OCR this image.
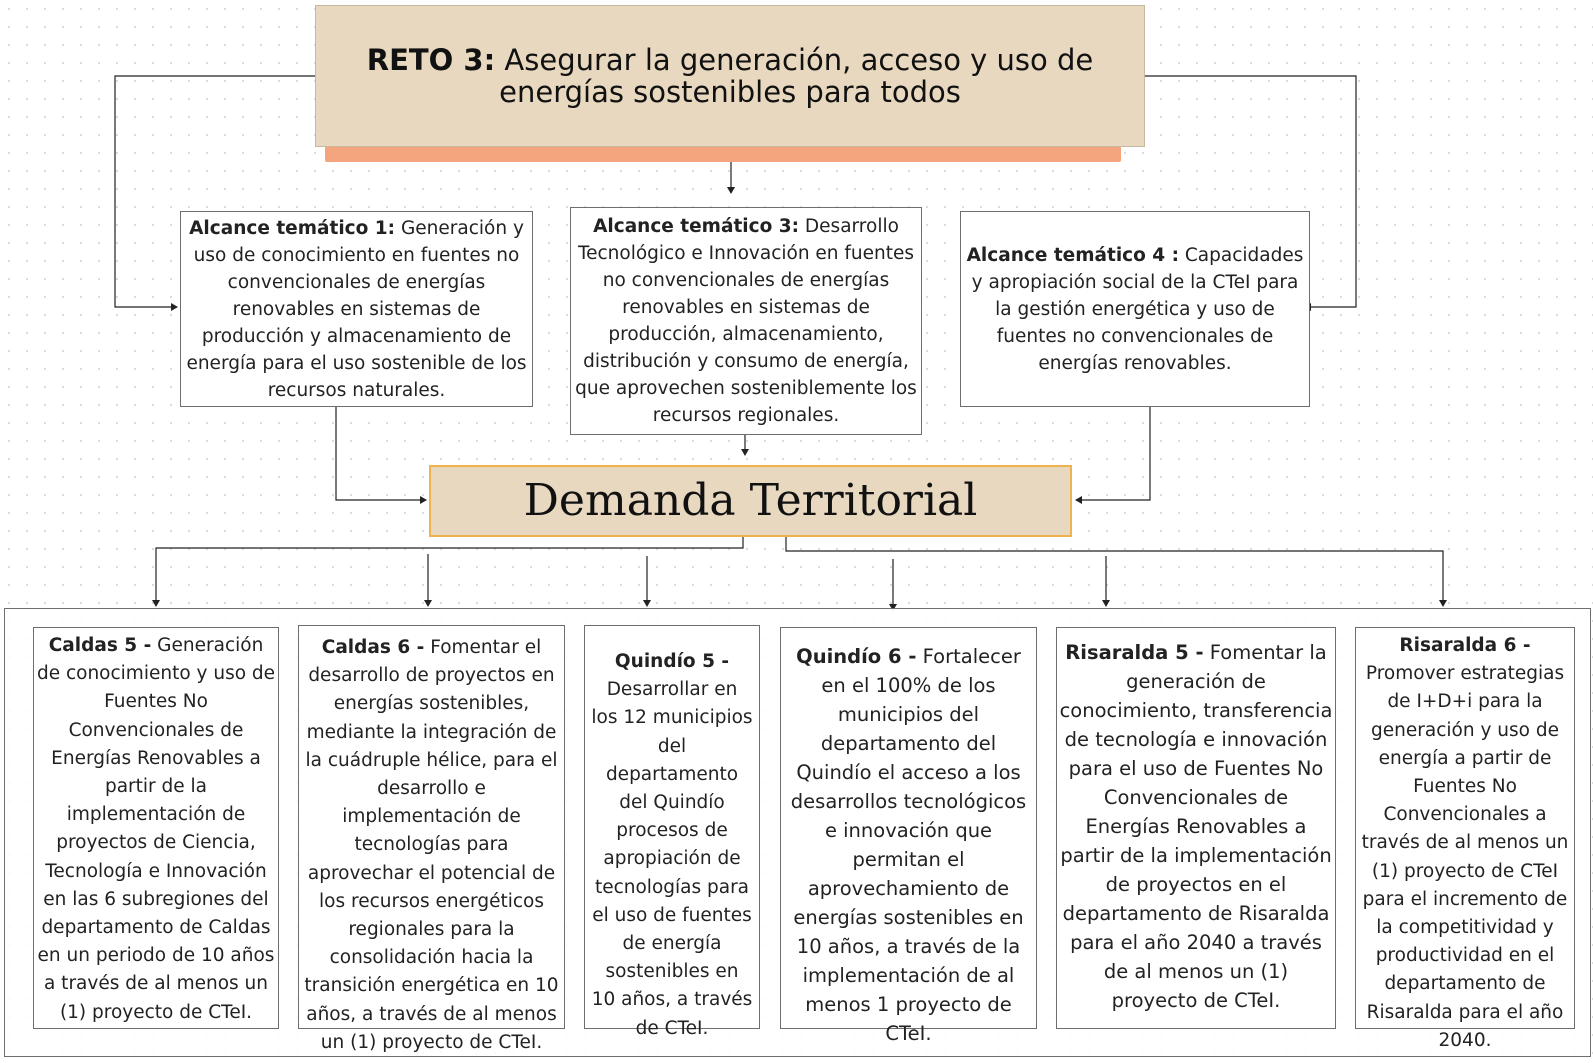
RETO 3: Asegurar la generación, acceso y uso de
energías sostenibles para todos
Alcance temático 1: Generación y uso de conocimiento en fuentes no convencionales de energías renovables en sistemas de producción y almacenamiento de energía para el uso sostenible de los recursos naturales.
Alcance temático 3: Desarrollo Tecnológico e Innovación en fuentes no convencionales de energías renovables en sistemas de producción, almacenamiento, distribución y consumo de energía, que aprovechen sosteniblemente los recursos regionales.
Alcance temático 4 : Capacidades y apropiación social de la CTeI para la gestión energética y uso de fuentes no convencionales de energías renovables.
Demanda Territorial
Caldas 5 - Generación de conocimiento y uso de Fuentes No Convencionales de Energías Renovables a partir de la implementación de proyectos de Ciencia, Tecnología e Innovación en las 6 subregiones del departamento de Caldas en un periodo de 10 años a través de al menos un (1) proyecto de CTeI.
Caldas 6 - Fomentar el desarrollo de proyectos en energías sostenibles, mediante la integración de la cuádruple hélice, para el desarrollo e implementación de tecnologías para aprovechar el potencial de los recursos energéticos regionales para la consolidación hacia la transición energética en 10 años, a través de al menos un (1) proyecto de CTeI.
Quindío 5 - Desarrollar en los 12 municipios del departamento del Quindío procesos de apropiación de tecnologías para el uso de fuentes de energía sostenibles en 10 años, a través de CTeI.
Quindío 6 - Fortalecer en el 100% de los municipios del departamento del Quindío el acceso a los desarrollos tecnológicos e innovación que permitan el aprovechamiento de energías sostenibles en 10 años, a través de la implementación de al menos 1 proyecto de CTeI.
Risaralda 5 - Fomentar la generación de conocimiento, transferencia de tecnología e innovación para el uso de Fuentes No Convencionales de Energías Renovables a partir de la implementación de proyectos en el departamento de Risaralda para el año 2040 a través de al menos un (1) proyecto de CTeI.
Risaralda 6 - Promover estrategias de I+D+i para la generación y uso de energía a partir de Fuentes No Convencionales a través de al menos un (1) proyecto de CTeI para el incremento de la competitividad y productividad en el departamento de Risaralda para el año 2040.
